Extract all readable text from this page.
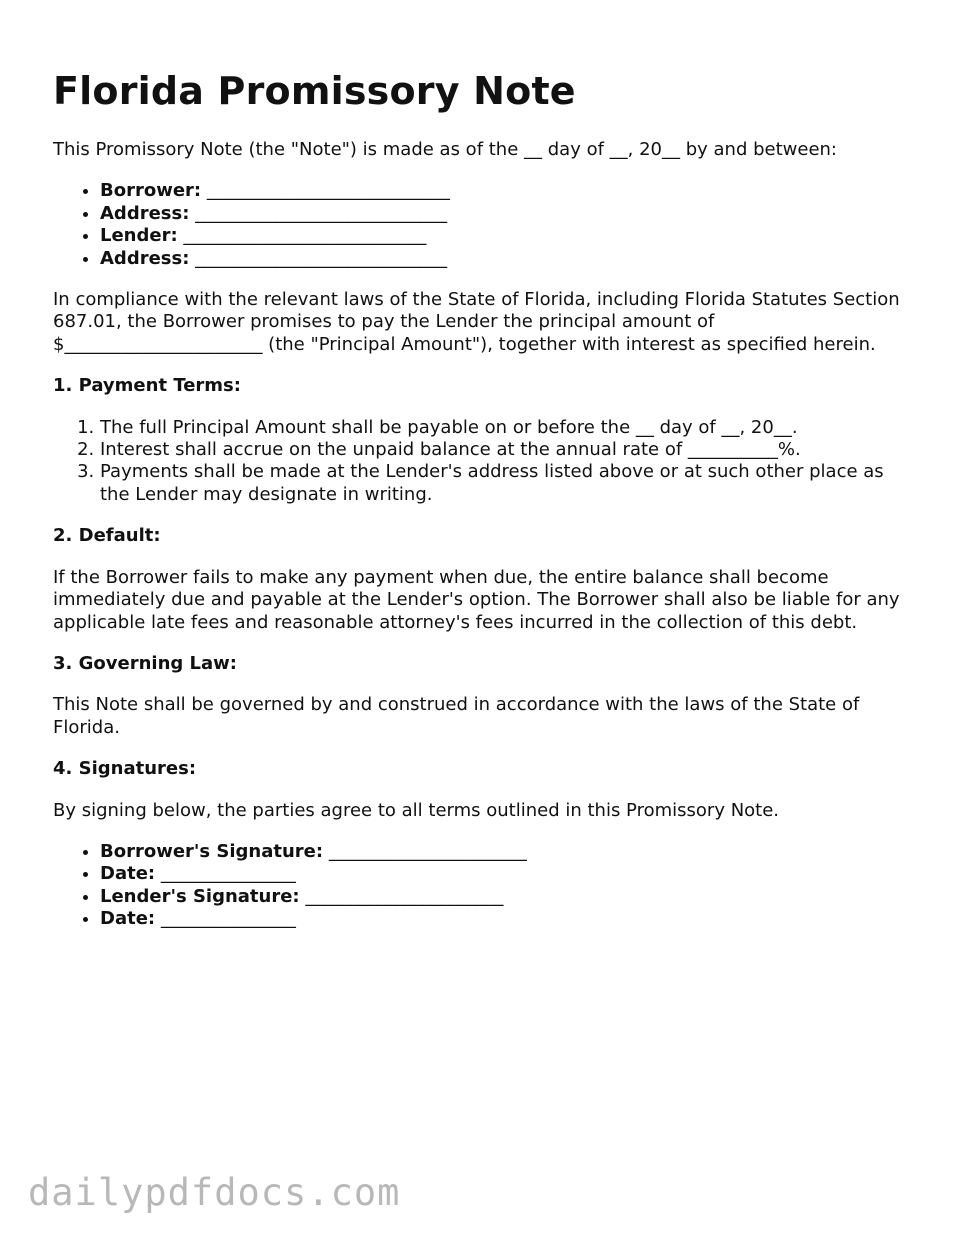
Florida Promissory Note

This Promissory Note (the "Note") is made as of the __ day of __, 20__ by and between:

• Borrower: ___________________________
• Address: ____________________________
• Lender: ___________________________
• Address: ____________________________

In compliance with the relevant laws of the State of Florida, including Florida Statutes Section 687.01, the Borrower promises to pay the Lender the principal amount of $______________________ (the "Principal Amount"), together with interest as specified herein.

1. Payment Terms:
1. The full Principal Amount shall be payable on or before the __ day of __, 20__.
2. Interest shall accrue on the unpaid balance at the annual rate of __________%.
3. Payments shall be made at the Lender's address listed above or at such other place as the Lender may designate in writing.
2. Default:

If the Borrower fails to make any payment when due, the entire balance shall become immediately due and payable at the Lender's option. The Borrower shall also be liable for any applicable late fees and reasonable attorney's fees incurred in the collection of this debt.

3. Governing Law:

This Note shall be governed by and construed in accordance with the laws of the State of Florida.

4. Signatures:

By signing below, the parties agree to all terms outlined in this Promissory Note.

• Borrower's Signature: ______________________
• Date: _______________
• Lender's Signature: ______________________
• Date: _______________
dailypdfdocs.com
